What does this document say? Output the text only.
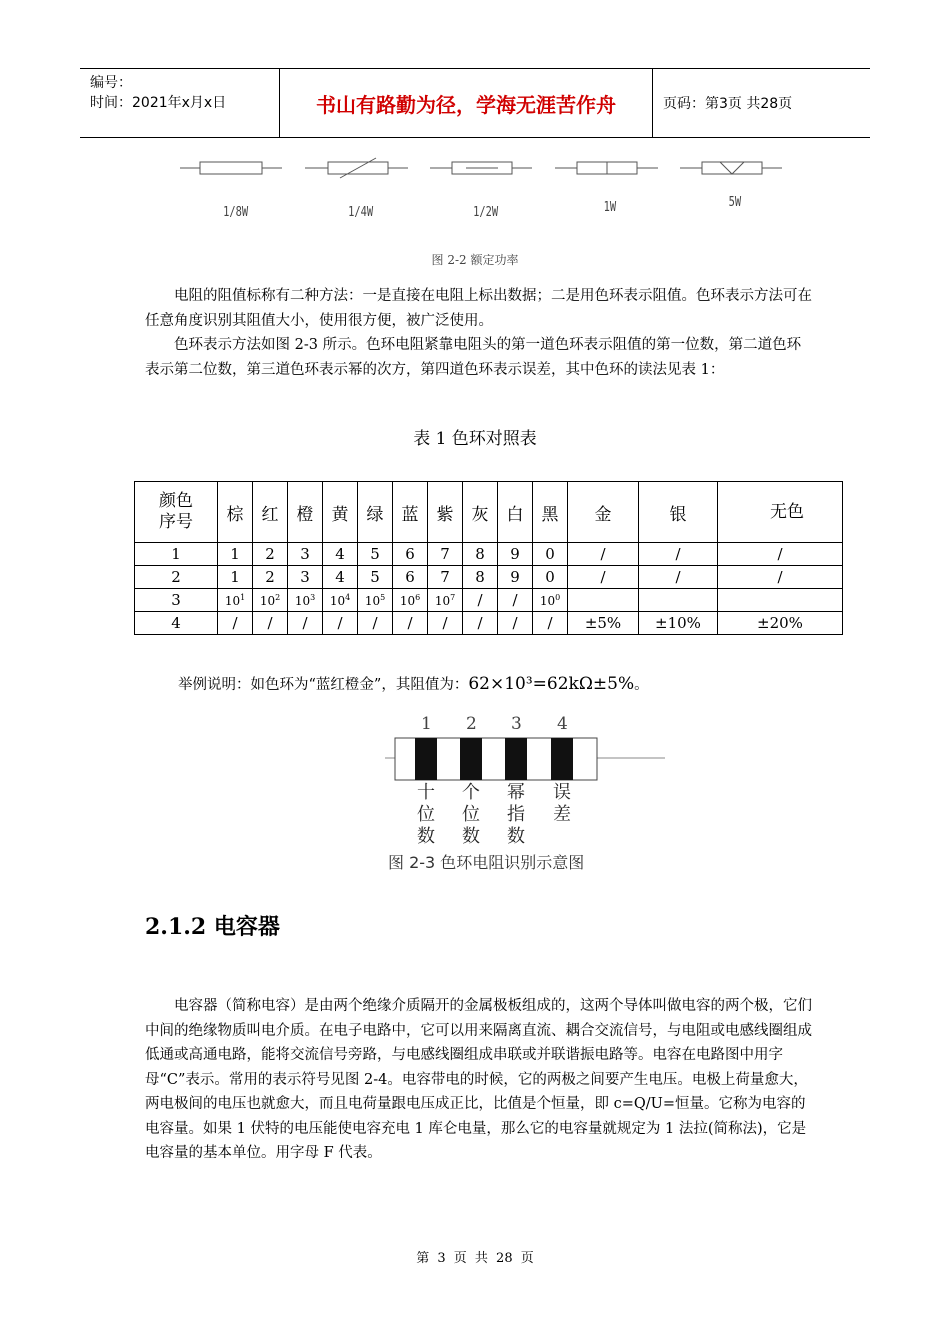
编号：
时间：2021年x月x日	书山有路勤为径，学海无涯苦作舟	页码：第3页 共28页
1/8W	1/4W	1/2W	1W	5W
图 2-2 额定功率

电阻的阻值标称有二种方法：一是直接在电阻上标出数据；二是用色环表示阻值。色环表示方法可在任意角度识别其阻值大小，使用很方便，被广泛使用。

色环表示方法如图 2-3 所示。色环电阻紧靠电阻头的第一道色环表示阻值的第一位数，第二道色环表示第二位数，第三道色环表示幂的次方，第四道色环表示误差，其中色环的读法见表 1：

表 1 色环对照表
颜色
序号	棕	红	橙	黄	绿	蓝	紫	灰	白	黑	金	银	无色
1	1	2	3	4	5	6	7	8	9	0	/	/	/
2	1	2	3	4	5	6	7	8	9	0	/	/	/
3	$10^1$	$10^2$	$10^3$	$10^4$	$10^5$	$10^6$	$10^7$	/	/	$10^0$			
4	/	/	/	/	/	/	/	/	/	/	±5%	±10%	±20%
举例说明：如色环为“蓝红橙金”，其阻值为：62×10³=62kΩ±5%。
1 2 3 4
十位数
个位数
幂指数
误差
图 2-3 色环电阻识别示意图
2.1.2 电容器

电容器（简称电容）是由两个绝缘介质隔开的金属极板组成的，这两个导体叫做电容的两个极，它们中间的绝缘物质叫电介质。在电子电路中，它可以用来隔离直流、耦合交流信号，与电阻或电感线圈组成低通或高通电路，能将交流信号旁路，与电感线圈组成串联或并联谐振电路等。电容在电路图中用字母“C”表示。常用的表示符号见图 2-4。电容带电的时候，它的两极之间要产生电压。电极上荷量愈大，两电极间的电压也就愈大，而且电荷量跟电压成正比，比值是个恒量，即 c=Q/U=恒量。它称为电容的电容量。如果 1 伏特的电压能使电容充电 1 库仑电量，那么它的电容量就规定为 1 法拉(简称法)，它是电容量的基本单位。用字母 F 代表。

第 3 页 共 28 页
